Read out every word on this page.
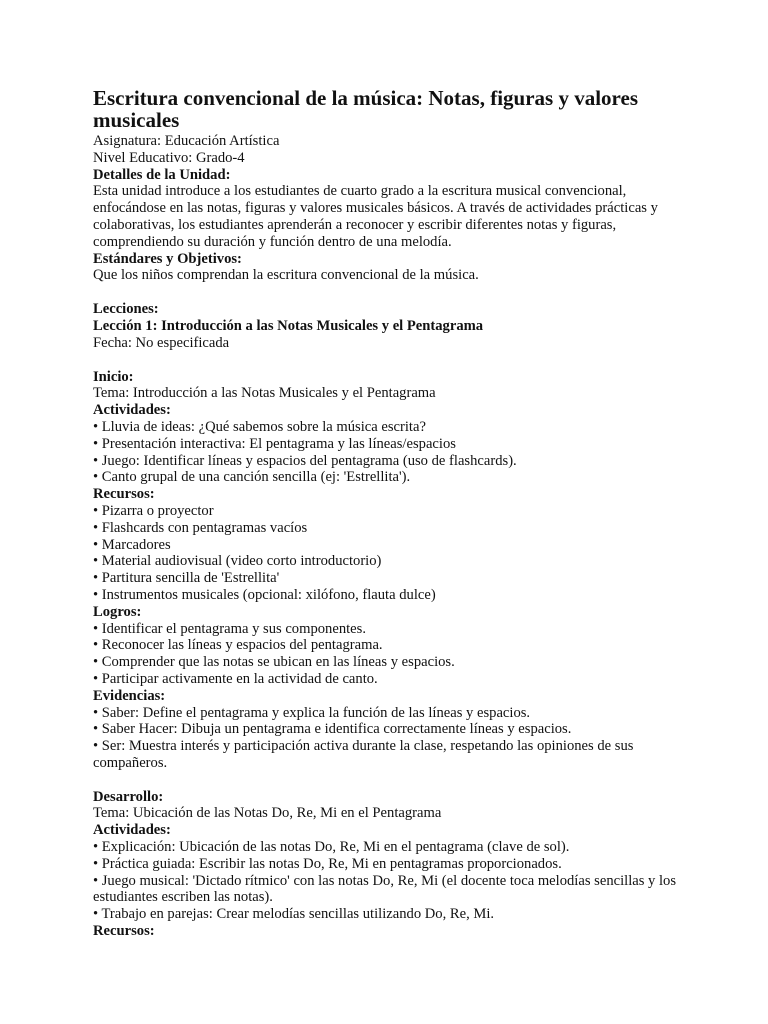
Escritura convencional de la música: Notas, figuras y valores musicales
Asignatura: Educación Artística
Nivel Educativo: Grado-4
Detalles de la Unidad:
Esta unidad introduce a los estudiantes de cuarto grado a la escritura musical convencional, enfocándose en las notas, figuras y valores musicales básicos. A través de actividades prácticas y colaborativas, los estudiantes aprenderán a reconocer y escribir diferentes notas y figuras, comprendiendo su duración y función dentro de una melodía.
Estándares y Objetivos:
Que los niños comprendan la escritura convencional de la música.
Lecciones:
Lección 1: Introducción a las Notas Musicales y el Pentagrama
Fecha: No especificada
Inicio:
Tema: Introducción a las Notas Musicales y el Pentagrama
Actividades:
• Lluvia de ideas: ¿Qué sabemos sobre la música escrita?
• Presentación interactiva: El pentagrama y las líneas/espacios
• Juego: Identificar líneas y espacios del pentagrama (uso de flashcards).
• Canto grupal de una canción sencilla (ej: 'Estrellita').
Recursos:
• Pizarra o proyector
• Flashcards con pentagramas vacíos
• Marcadores
• Material audiovisual (video corto introductorio)
• Partitura sencilla de 'Estrellita'
• Instrumentos musicales (opcional: xilófono, flauta dulce)
Logros:
• Identificar el pentagrama y sus componentes.
• Reconocer las líneas y espacios del pentagrama.
• Comprender que las notas se ubican en las líneas y espacios.
• Participar activamente en la actividad de canto.
Evidencias:
• Saber: Define el pentagrama y explica la función de las líneas y espacios.
• Saber Hacer: Dibuja un pentagrama e identifica correctamente líneas y espacios.
• Ser: Muestra interés y participación activa durante la clase, respetando las opiniones de sus compañeros.
Desarrollo:
Tema: Ubicación de las Notas Do, Re, Mi en el Pentagrama
Actividades:
• Explicación: Ubicación de las notas Do, Re, Mi en el pentagrama (clave de sol).
• Práctica guiada: Escribir las notas Do, Re, Mi en pentagramas proporcionados.
• Juego musical: 'Dictado rítmico' con las notas Do, Re, Mi (el docente toca melodías sencillas y los estudiantes escriben las notas).
• Trabajo en parejas: Crear melodías sencillas utilizando Do, Re, Mi.
Recursos:
